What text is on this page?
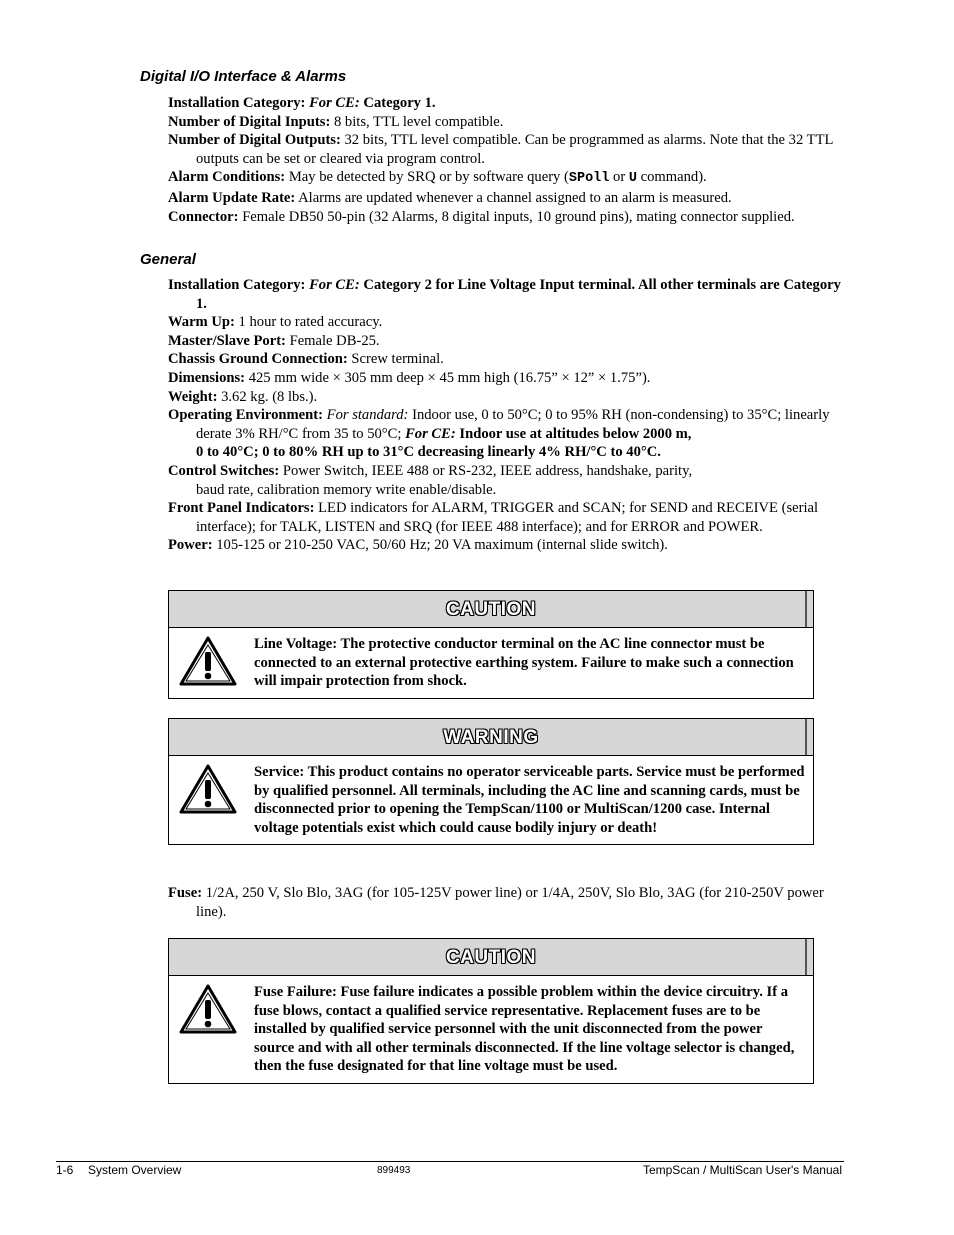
Digital I/O Interface & Alarms
Installation Category: For CE: Category 1.
Number of Digital Inputs: 8 bits, TTL level compatible.
Number of Digital Outputs: 32 bits, TTL level compatible. Can be programmed as alarms. Note that the 32 TTL outputs can be set or cleared via program control.
Alarm Conditions: May be detected by SRQ or by software query (SPoll or U command).
Alarm Update Rate: Alarms are updated whenever a channel assigned to an alarm is measured.
Connector: Female DB50 50-pin (32 Alarms, 8 digital inputs, 10 ground pins), mating connector supplied.
General
Installation Category: For CE: Category 2 for Line Voltage Input terminal. All other terminals are Category 1.
Warm Up: 1 hour to rated accuracy.
Master/Slave Port: Female DB-25.
Chassis Ground Connection: Screw terminal.
Dimensions: 425 mm wide × 305 mm deep × 45 mm high (16.75” × 12” × 1.75”).
Weight: 3.62 kg. (8 lbs.).
Operating Environment: For standard: Indoor use, 0 to 50°C; 0 to 95% RH (non-condensing) to 35°C; linearly derate 3% RH/°C from 35 to 50°C; For CE: Indoor use at altitudes below 2000 m,
0 to 40°C; 0 to 80% RH up to 31°C decreasing linearly 4% RH/°C to 40°C.
Control Switches: Power Switch, IEEE 488 or RS-232, IEEE address, handshake, parity,
baud rate, calibration memory write enable/disable.
Front Panel Indicators: LED indicators for ALARM, TRIGGER and SCAN; for SEND and RECEIVE (serial interface); for TALK, LISTEN and SRQ (for IEEE 488 interface); and for ERROR and POWER.
Power: 105-125 or 210-250 VAC, 50/60 Hz; 20 VA maximum (internal slide switch).
CAUTION
Line Voltage: The protective conductor terminal on the AC line connector must be connected to an external protective earthing system. Failure to make such a connection will impair protection from shock.
WARNING
Service: This product contains no operator serviceable parts. Service must be performed by qualified personnel. All terminals, including the AC line and scanning cards, must be disconnected prior to opening the TempScan/1100 or MultiScan/1200 case. Internal voltage potentials exist which could cause bodily injury or death!
Fuse: 1/2A, 250 V, Slo Blo, 3AG (for 105-125V power line) or 1/4A, 250V, Slo Blo, 3AG (for 210-250V power line).
CAUTION
Fuse Failure: Fuse failure indicates a possible problem within the device circuitry. If a fuse blows, contact a qualified service representative. Replacement fuses are to be installed by qualified service personnel with the unit disconnected from the power source and with all other terminals disconnected. If the line voltage selector is changed, then the fuse designated for that line voltage must be used.
1-6 System Overview	899493	TempScan / MultiScan User's Manual
